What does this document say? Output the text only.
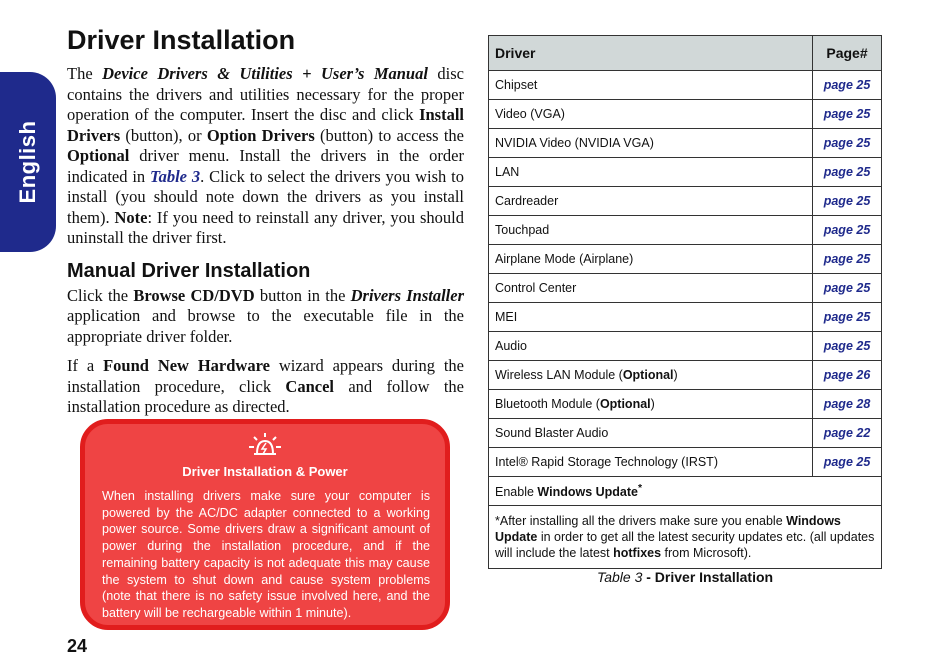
English
Driver Installation

The Device Drivers & Utilities + User’s Manual disc contains the drivers and utilities necessary for the proper operation of the computer. Insert the disc and click Install Drivers (button), or Option Drivers (button) to access the Optional driver menu. Install the drivers in the order indicated in Table 3. Click to select the drivers you wish to install (you should note down the drivers as you install them). Note: If you need to reinstall any driver, you should uninstall the driver first.

Manual Driver Installation

Click the Browse CD/DVD button in the Drivers Installer application and browse to the executable file in the appropriate driver folder.

If a Found New Hardware wizard appears during the installation procedure, click Cancel and follow the installation procedure as directed.

Driver Installation & Power
When installing drivers make sure your computer is powered by the AC/DC adapter connected to a working power source. Some drivers draw a significant amount of power during the installation procedure, and if the remaining battery capacity is not adequate this may cause the system to shut down and cause system problems (note that there is no safety issue involved here, and the battery will be rechargeable within 1 minute).
24
Driver	Page#
Chipset	page 25
Video (VGA)	page 25
NVIDIA Video (NVIDIA VGA)	page 25
LAN	page 25
Cardreader	page 25
Touchpad	page 25
Airplane Mode (Airplane)	page 25
Control Center	page 25
MEI	page 25
Audio	page 25
Wireless LAN Module (Optional)	page 26
Bluetooth Module (Optional)	page 28
Sound Blaster Audio	page 22
Intel® Rapid Storage Technology (IRST)	page 25
Enable Windows Update*
*After installing all the drivers make sure you enable Windows Update in order to get all the latest security updates etc. (all updates will include the latest hotfixes from Microsoft).	
Table 3 - Driver Installation
